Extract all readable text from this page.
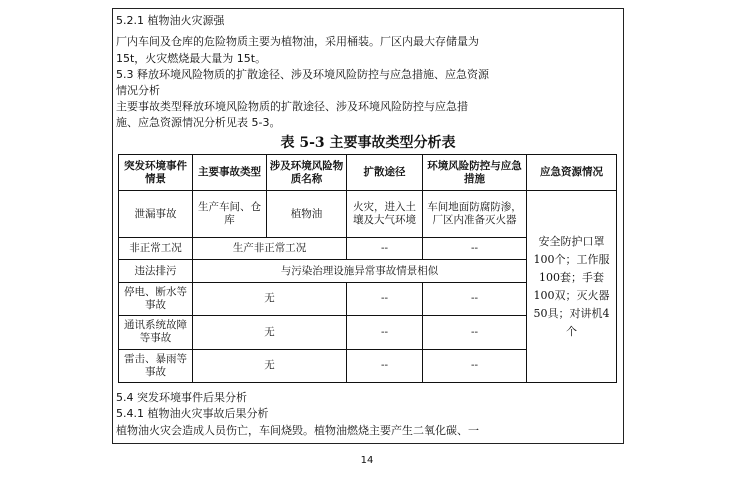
5.2.1 植物油火灾源强
厂内车间及仓库的危险物质主要为植物油，采用桶装。厂区内最大存储量为
15t，火灾燃烧最大量为 15t。
5.3 释放环境风险物质的扩散途径、涉及环境风险防控与应急措施、应急资源
情况分析
主要事故类型释放环境风险物质的扩散途径、涉及环境风险防控与应急措
施、应急资源情况分析见表 5-3。
表 5-3 主要事故类型分析表
突发环境事件情景	主要事故类型	涉及环境风险物质名称	扩散途径	环境风险防控与应急措施	应急资源情况
泄漏事故	生产车间、仓库	植物油	火灾，进入土壤及大气环境	车间地面防腐防渗，厂区内准备灭火器	安全防护口罩100个；工作服100套；手套100双；灭火器50具；对讲机4个
非正常工况	生产非正常工况		--	--	
违法排污	与污染治理设施异常事故情景相似				
停电、断水等事故	无		--	--	
通讯系统故障等事故	无		--	--	
雷击、暴雨等事故	无		--	--	
5.4 突发环境事件后果分析
5.4.1 植物油火灾事故后果分析
植物油火灾会造成人员伤亡，车间烧毁。植物油燃烧主要产生二氧化碳、一
14
